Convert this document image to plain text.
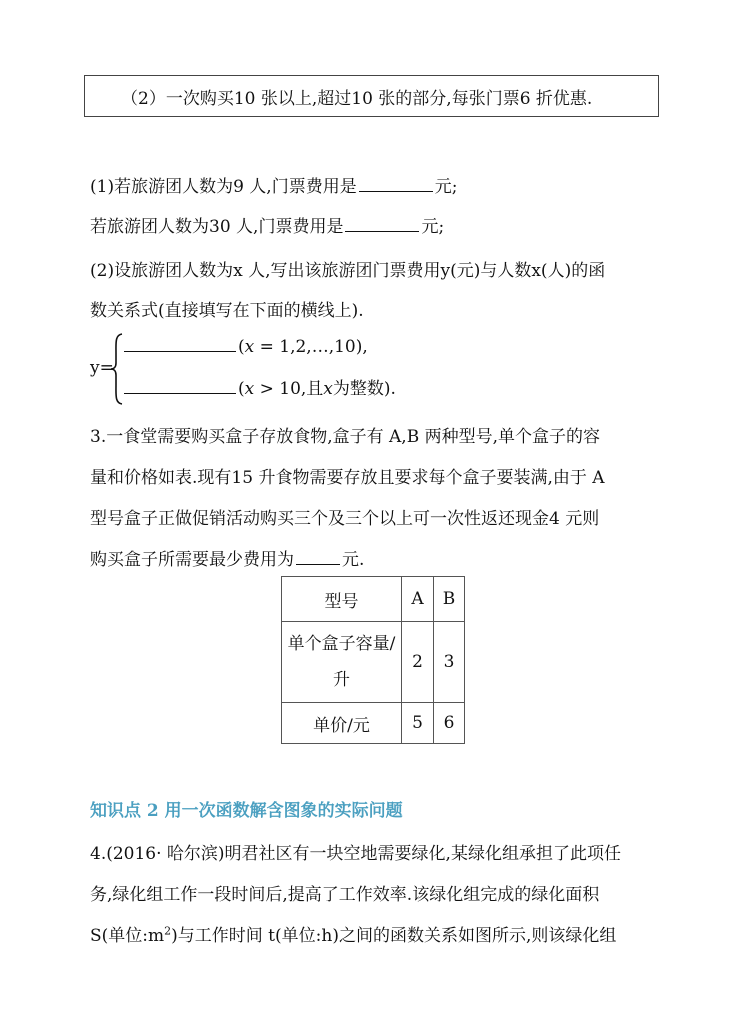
（2）一次购买10 张以上,超过10 张的部分,每张门票6 折优惠.
(1)若旅游团人数为9 人,门票费用是	元;
若旅游团人数为30 人,门票费用是	元;
(2)设旅游团人数为x 人,写出该旅游团门票费用y(元)与人数x(人)的函
数关系式(直接填写在下面的横线上).
y=
(𝑥 = 1,2,…,10),
(𝑥 > 10,且𝑥为整数).
3.一食堂需要购买盒子存放食物,盒子有 A,B 两种型号,单个盒子的容
量和价格如表.现有15 升食物需要存放且要求每个盒子要装满,由于 A
型号盒子正做促销活动购买三个及三个以上可一次性返还现金4 元则
购买盒子所需要最少费用为	元.
型号	A	B

单个盒子容量/
升	2	3
单价/元	5	6
知识点 2 用一次函数解含图象的实际问题
4.(2016· 哈尔滨)明君社区有一块空地需要绿化,某绿化组承担了此项任
务,绿化组工作一段时间后,提高了工作效率.该绿化组完成的绿化面积
S(单位$:m^2$)与工作时间 t(单位:h)之间的函数关系如图所示,则该绿化组
